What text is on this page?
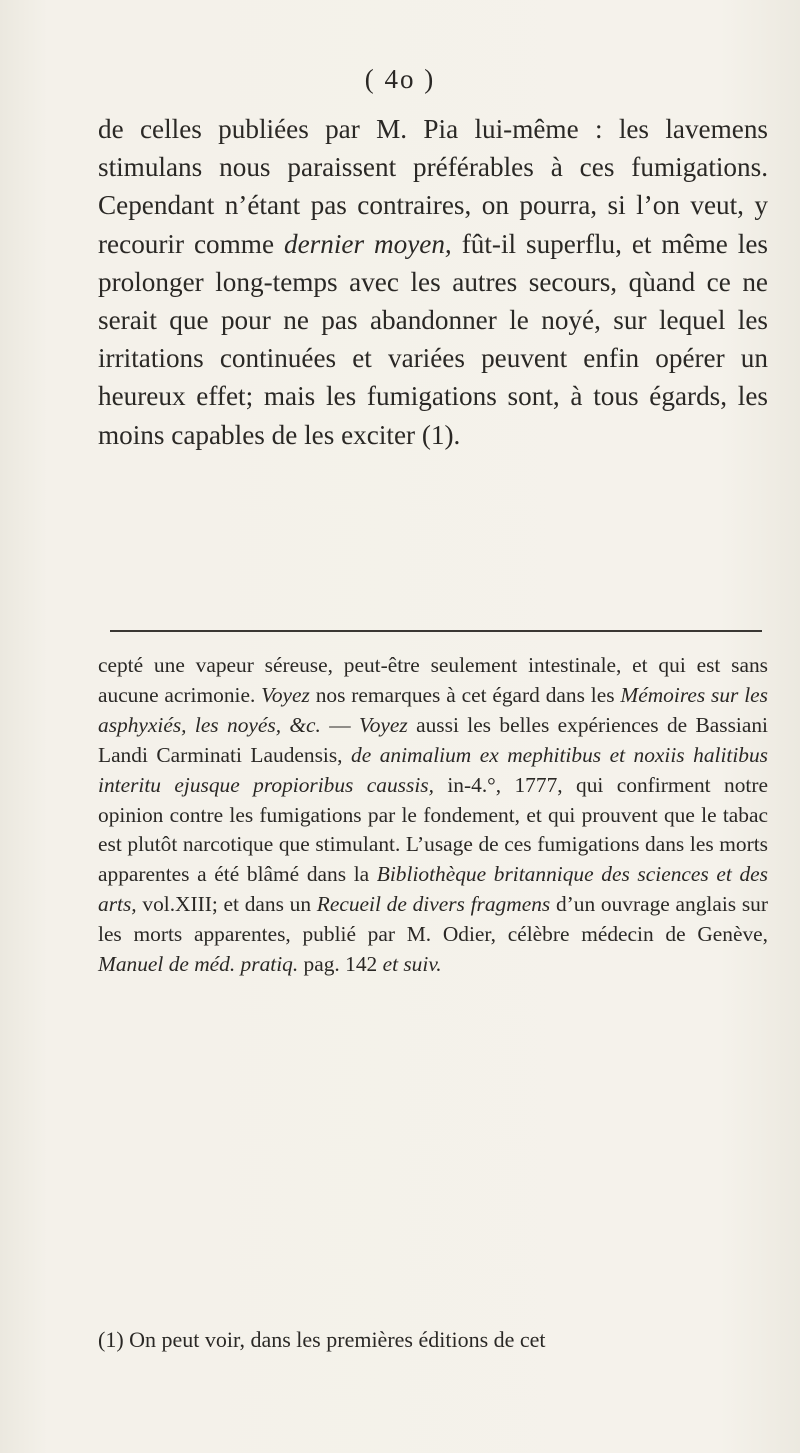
( 4o )

de celles publiées par M. Pia lui-même : les lavemens stimulans nous paraissent préférables à ces fumigations. Cependant n’étant pas contraires, on pourra, si l’on veut, y recourir comme dernier moyen, fût-il superflu, et même les prolonger long-temps avec les autres secours, qùand ce ne serait que pour ne pas abandonner le noyé, sur lequel les irritations continuées et variées peuvent enfin opérer un heureux effet; mais les fumigations sont, à tous égards, les moins capables de les exciter (1).

cepté une vapeur séreuse, peut-être seulement intestinale, et qui est sans aucune acrimonie. Voyez nos remarques à cet égard dans les Mémoires sur les asphyxiés, les noyés, &c. — Voyez aussi les belles expériences de Bassiani Landi Carminati Laudensis, de animalium ex mephitibus et noxiis halitibus interitu ejusque propioribus caussis, in-4.°, 1777, qui confirment notre opinion contre les fumigations par le fondement, et qui prouvent que le tabac est plutôt narcotique que stimulant. L’usage de ces fumigations dans les morts apparentes a été blâmé dans la Bibliothèque britannique des sciences et des arts, vol.XIII; et dans un Recueil de divers fragmens d’un ouvrage anglais sur les morts apparentes, publié par M. Odier, célèbre médecin de Genève, Manuel de méd. pratiq. pag. 142 et suiv.

(1) On peut voir, dans les premières éditions de cet
